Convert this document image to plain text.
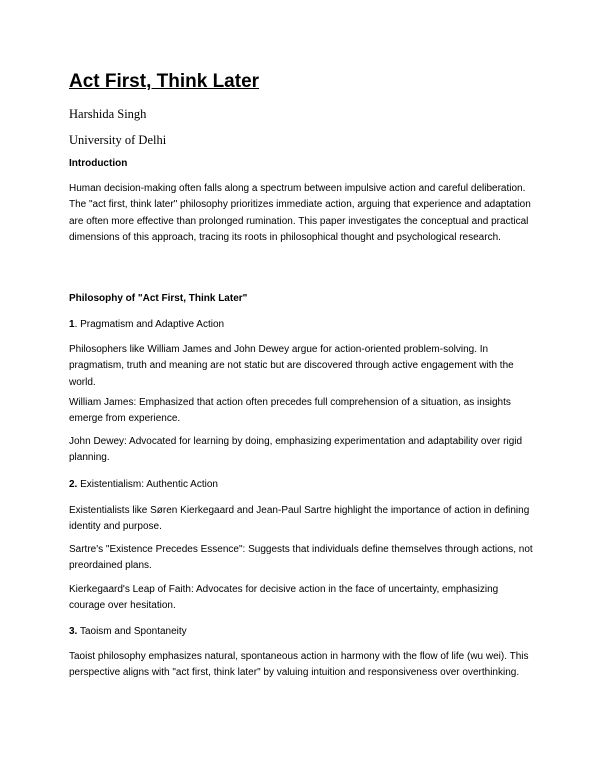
Act First, Think Later

Harshida Singh

University of Delhi

Introduction

Human decision-making often falls along a spectrum between impulsive action and careful deliberation. The "act first, think later" philosophy prioritizes immediate action, arguing that experience and adaptation are often more effective than prolonged rumination. This paper investigates the conceptual and practical dimensions of this approach, tracing its roots in philosophical thought and psychological research.

Philosophy of "Act First, Think Later"

1. Pragmatism and Adaptive Action

Philosophers like William James and John Dewey argue for action-oriented problem-solving. In pragmatism, truth and meaning are not static but are discovered through active engagement with the world.

William James: Emphasized that action often precedes full comprehension of a situation, as insights emerge from experience.

John Dewey: Advocated for learning by doing, emphasizing experimentation and adaptability over rigid planning.

2. Existentialism: Authentic Action

Existentialists like Søren Kierkegaard and Jean-Paul Sartre highlight the importance of action in defining identity and purpose.

Sartre's "Existence Precedes Essence": Suggests that individuals define themselves through actions, not preordained plans.

Kierkegaard's Leap of Faith: Advocates for decisive action in the face of uncertainty, emphasizing courage over hesitation.

3. Taoism and Spontaneity

Taoist philosophy emphasizes natural, spontaneous action in harmony with the flow of life (wu wei). This perspective aligns with "act first, think later" by valuing intuition and responsiveness over overthinking.
